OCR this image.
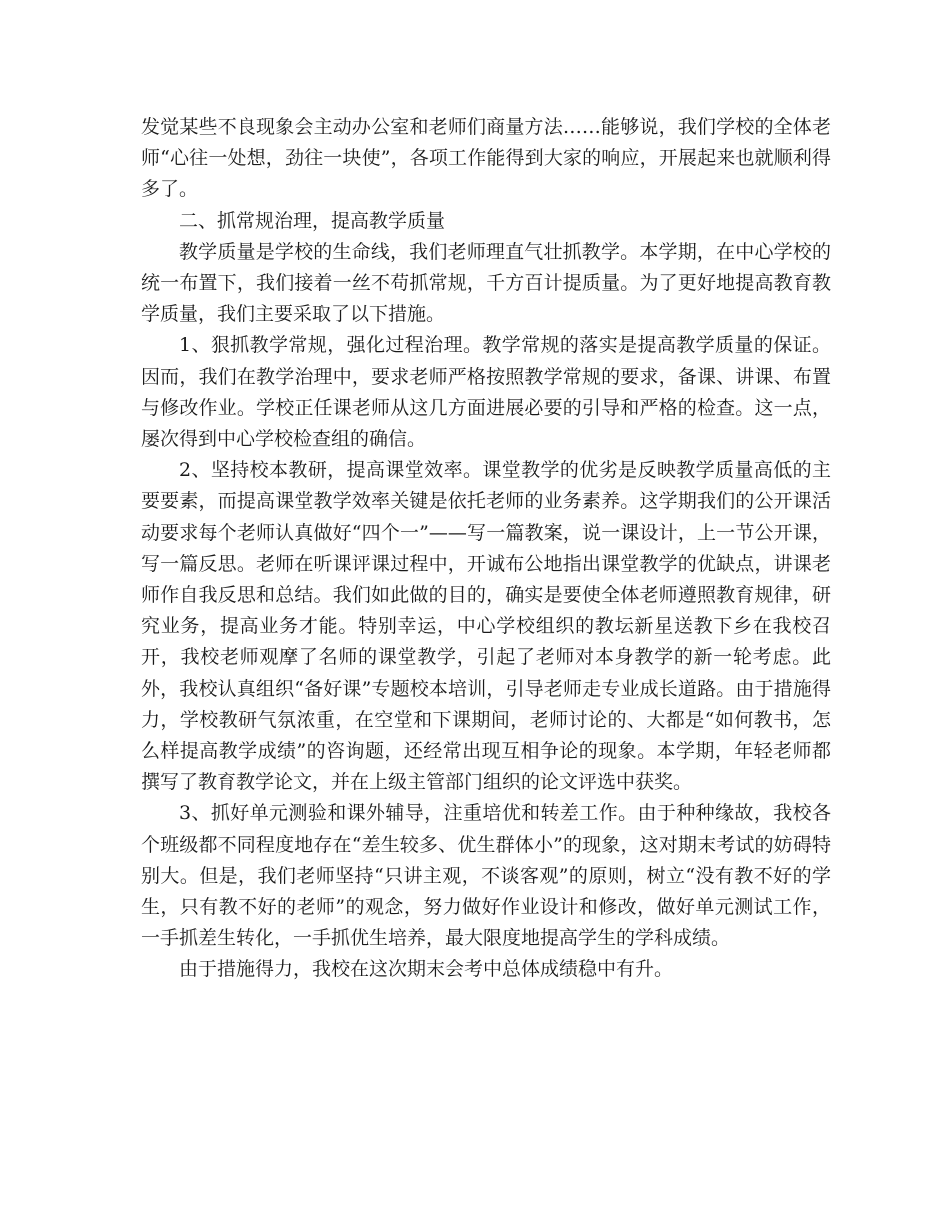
发觉某些不良现象会主动办公室和老师们商量方法……能够说，我们学校的全体老师“心往一处想，劲往一块使”，各项工作能得到大家的响应，开展起来也就顺利得多了。

二、抓常规治理，提高教学质量

教学质量是学校的生命线，我们老师理直气壮抓教学。本学期，在中心学校的统一布置下，我们接着一丝不苟抓常规，千方百计提质量。为了更好地提高教育教学质量，我们主要采取了以下措施。

1、狠抓教学常规，强化过程治理。教学常规的落实是提高教学质量的保证。因而，我们在教学治理中，要求老师严格按照教学常规的要求，备课、讲课、布置与修改作业。学校正任课老师从这几方面进展必要的引导和严格的检查。这一点，屡次得到中心学校检查组的确信。

2、坚持校本教研，提高课堂效率。课堂教学的优劣是反映教学质量高低的主要要素，而提高课堂教学效率关键是依托老师的业务素养。这学期我们的公开课活动要求每个老师认真做好“四个一”——写一篇教案，说一课设计，上一节公开课，写一篇反思。老师在听课评课过程中，开诚布公地指出课堂教学的优缺点，讲课老师作自我反思和总结。我们如此做的目的，确实是要使全体老师遵照教育规律，研究业务，提高业务才能。特别幸运，中心学校组织的教坛新星送教下乡在我校召开，我校老师观摩了名师的课堂教学，引起了老师对本身教学的新一轮考虑。此外，我校认真组织“备好课”专题校本培训，引导老师走专业成长道路。由于措施得力，学校教研气氛浓重，在空堂和下课期间，老师讨论的、大都是“如何教书，怎么样提高教学成绩”的咨询题，还经常出现互相争论的现象。本学期，年轻老师都撰写了教育教学论文，并在上级主管部门组织的论文评选中获奖。

3、抓好单元测验和课外辅导，注重培优和转差工作。由于种种缘故，我校各个班级都不同程度地存在“差生较多、优生群体小”的现象，这对期末考试的妨碍特别大。但是，我们老师坚持“只讲主观，不谈客观”的原则，树立“没有教不好的学生，只有教不好的老师”的观念，努力做好作业设计和修改，做好单元测试工作，一手抓差生转化，一手抓优生培养，最大限度地提高学生的学科成绩。

由于措施得力，我校在这次期末会考中总体成绩稳中有升。
